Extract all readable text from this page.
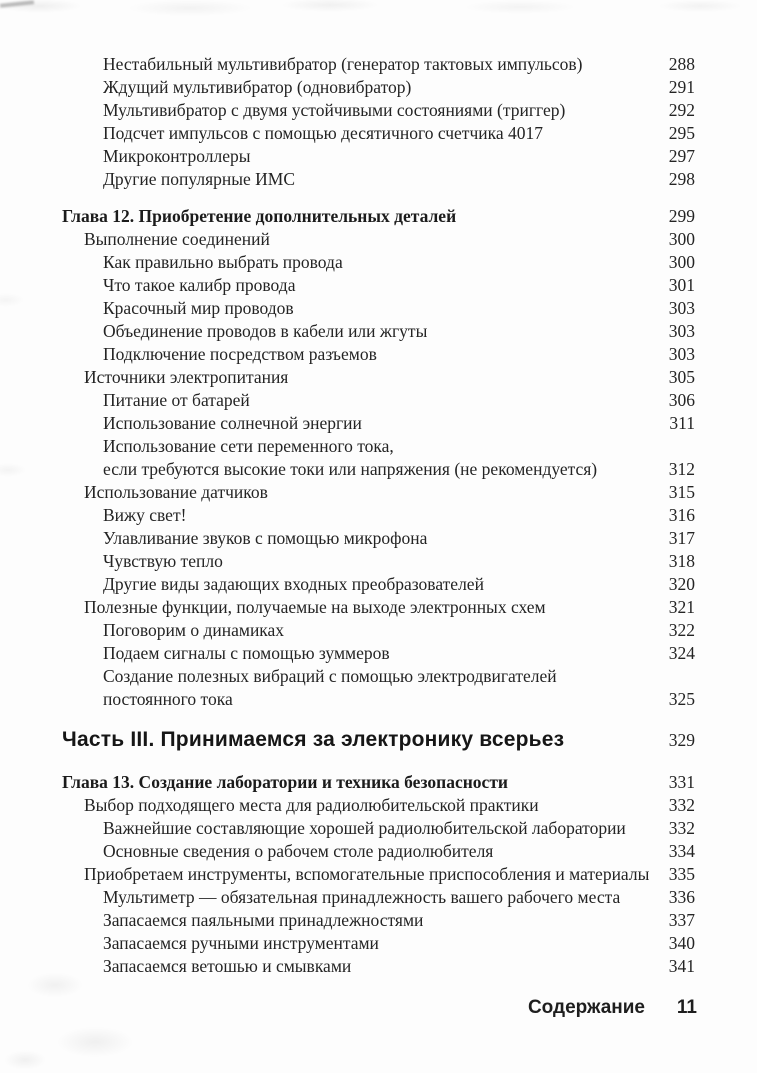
Нестабильный мультивибратор (генератор тактовых импульсов)	288
Ждущий мультивибратор (одновибратор)	291
Мультивибратор с двумя устойчивыми состояниями (триггер)	292
Подсчет импульсов с помощью десятичного счетчика 4017	295
Микроконтроллеры	297
Другие популярные ИМС	298
Глава 12. Приобретение дополнительных деталей	299
Выполнение соединений	300
Как правильно выбрать провода	300
Что такое калибр провода	301
Красочный мир проводов	303
Объединение проводов в кабели или жгуты	303
Подключение посредством разъемов	303
Источники электропитания	305
Питание от батарей	306
Использование солнечной энергии	311
Использование сети переменного тока,
если требуются высокие токи или напряжения (не рекомендуется)	312
Использование датчиков	315
Вижу свет!	316
Улавливание звуков с помощью микрофона	317
Чувствую тепло	318
Другие виды задающих входных преобразователей	320
Полезные функции, получаемые на выходе электронных схем	321
Поговорим о динамиках	322
Подаем сигналы с помощью зуммеров	324
Создание полезных вибраций с помощью электродвигателей
постоянного тока	325
Часть III. Принимаемся за электронику всерьез	329
Глава 13. Создание лаборатории и техника безопасности	331
Выбор подходящего места для радиолюбительской практики	332
Важнейшие составляющие хорошей радиолюбительской лаборатории	332
Основные сведения о рабочем столе радиолюбителя	334
Приобретаем инструменты, вспомогательные приспособления и материалы	335
Мультиметр — обязательная принадлежность вашего рабочего места	336
Запасаемся паяльными принадлежностями	337
Запасаемся ручными инструментами	340
Запасаемся ветошью и смывками	341
Содержание 11
